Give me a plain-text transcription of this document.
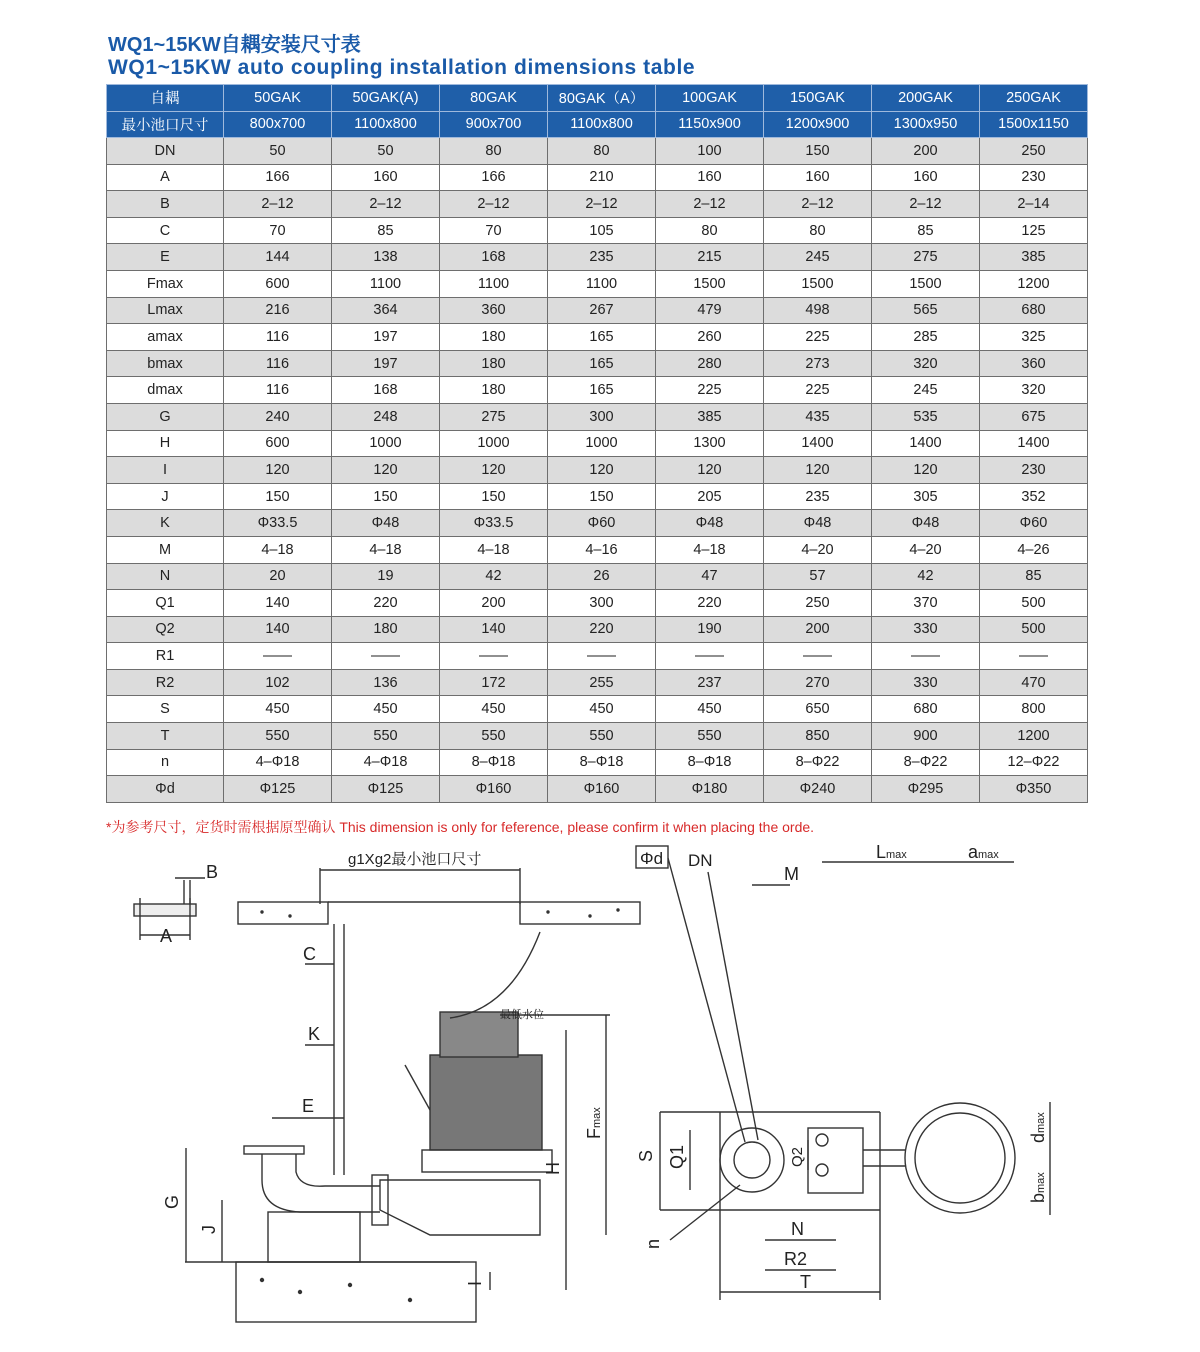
WQ1~15KW自耦安装尺寸表
WQ1~15KW auto coupling installation dimensions table
自耦	50GAK	50GAK(A)	80GAK	80GAK（A）	100GAK	150GAK	200GAK	250GAK
最小池口尺寸	800x700	1100x800	900x700	1100x800	1150x900	1200x900	1300x950	1500x1150
DN	50	50	80	80	100	150	200	250
A	166	160	166	210	160	160	160	230
B	2–12	2–12	2–12	2–12	2–12	2–12	2–12	2–14
C	70	85	70	105	80	80	85	125
E	144	138	168	235	215	245	275	385
Fmax	600	1100	1100	1100	1500	1500	1500	1200
Lmax	216	364	360	267	479	498	565	680
amax	116	197	180	165	260	225	285	325
bmax	116	197	180	165	280	273	320	360
dmax	116	168	180	165	225	225	245	320
G	240	248	275	300	385	435	535	675
H	600	1000	1000	1000	1300	1400	1400	1400
I	120	120	120	120	120	120	120	230
J	150	150	150	150	205	235	305	352
K	Φ33.5	Φ48	Φ33.5	Φ60	Φ48	Φ48	Φ48	Φ60
M	4–18	4–18	4–18	4–16	4–18	4–20	4–20	4–26
N	20	19	42	26	47	57	42	85
Q1	140	220	200	300	220	250	370	500
Q2	140	180	140	220	190	200	330	500
R1	——	——	——	——	——	——	——	——
R2	102	136	172	255	237	270	330	470
S	450	450	450	450	450	650	680	800
T	550	550	550	550	550	850	900	1200
n	4–Φ18	4–Φ18	8–Φ18	8–Φ18	8–Φ18	8–Φ22	8–Φ22	12–Φ22
Φd	Φ125	Φ125	Φ160	Φ160	Φ180	Φ240	Φ295	Φ350
*为参考尺寸，定货时需根据原型确认 This dimension is only for feference, please confirm it when placing the orde.
B
A
g1Xg2最小池口尺寸
C
K
E
G
J
H
I
Fmax
最低水位
Φd DN
M
Lmax	amax
S Q1	Q2
dmax
bmax
N
R2
T
n
